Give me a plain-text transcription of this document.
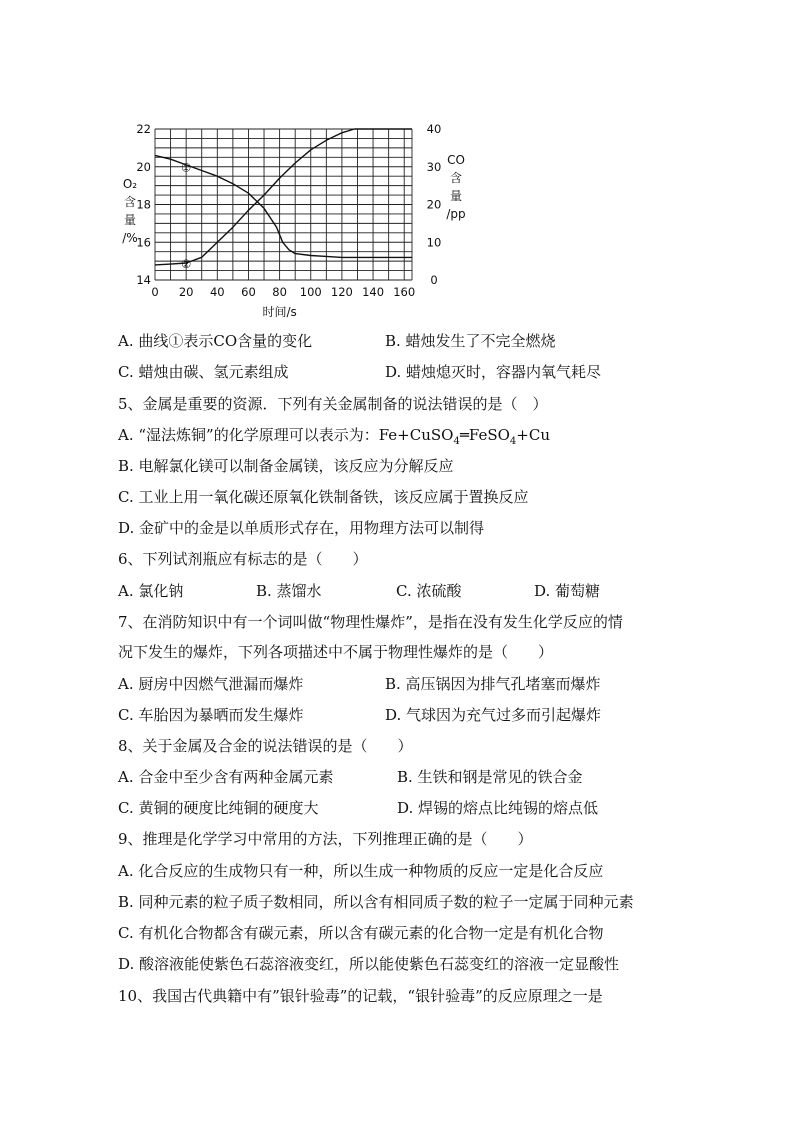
①
②
0 20 40 60 80 100 120 140 160
14
16
18
20
22
0
10
20
30
40
时间/s
O₂
含
量
/%
CO
含
量
/pp
A. 曲线①表示CO含量的变化	B. 蜡烛发生了不完全燃烧
C. 蜡烛由碳、氢元素组成	D. 蜡烛熄灭时，容器内氧气耗尽
5、金属是重要的资源．下列有关金属制备的说法错误的是（　）
A. “湿法炼铜”的化学原理可以表示为：Fe+CuSO$_4$═FeSO$_4$+Cu
B. 电解氯化镁可以制备金属镁，该反应为分解反应
C. 工业上用一氧化碳还原氧化铁制备铁，该反应属于置换反应
D. 金矿中的金是以单质形式存在，用物理方法可以制得
6、下列试剂瓶应有标志的是（　　）
A. 氯化钠	B. 蒸馏水	C. 浓硫酸	D. 葡萄糖
7、在消防知识中有一个词叫做“物理性爆炸”，是指在没有发生化学反应的情
况下发生的爆炸，下列各项描述中不属于物理性爆炸的是（　　）
A. 厨房中因燃气泄漏而爆炸	B. 高压锅因为排气孔堵塞而爆炸
C. 车胎因为暴晒而发生爆炸	D. 气球因为充气过多而引起爆炸
8、关于金属及合金的说法错误的是（　　）
A. 合金中至少含有两种金属元素	B. 生铁和钢是常见的铁合金
C. 黄铜的硬度比纯铜的硬度大	D. 焊锡的熔点比纯锡的熔点低
9、推理是化学学习中常用的方法，下列推理正确的是（　　）
A. 化合反应的生成物只有一种，所以生成一种物质的反应一定是化合反应
B. 同种元素的粒子质子数相同，所以含有相同质子数的粒子一定属于同种元素
C. 有机化合物都含有碳元素，所以含有碳元素的化合物一定是有机化合物
D. 酸溶液能使紫色石蕊溶液变红，所以能使紫色石蕊变红的溶液一定显酸性
10、我国古代典籍中有”银针验毒”的记载，“银针验毒”的反应原理之一是
